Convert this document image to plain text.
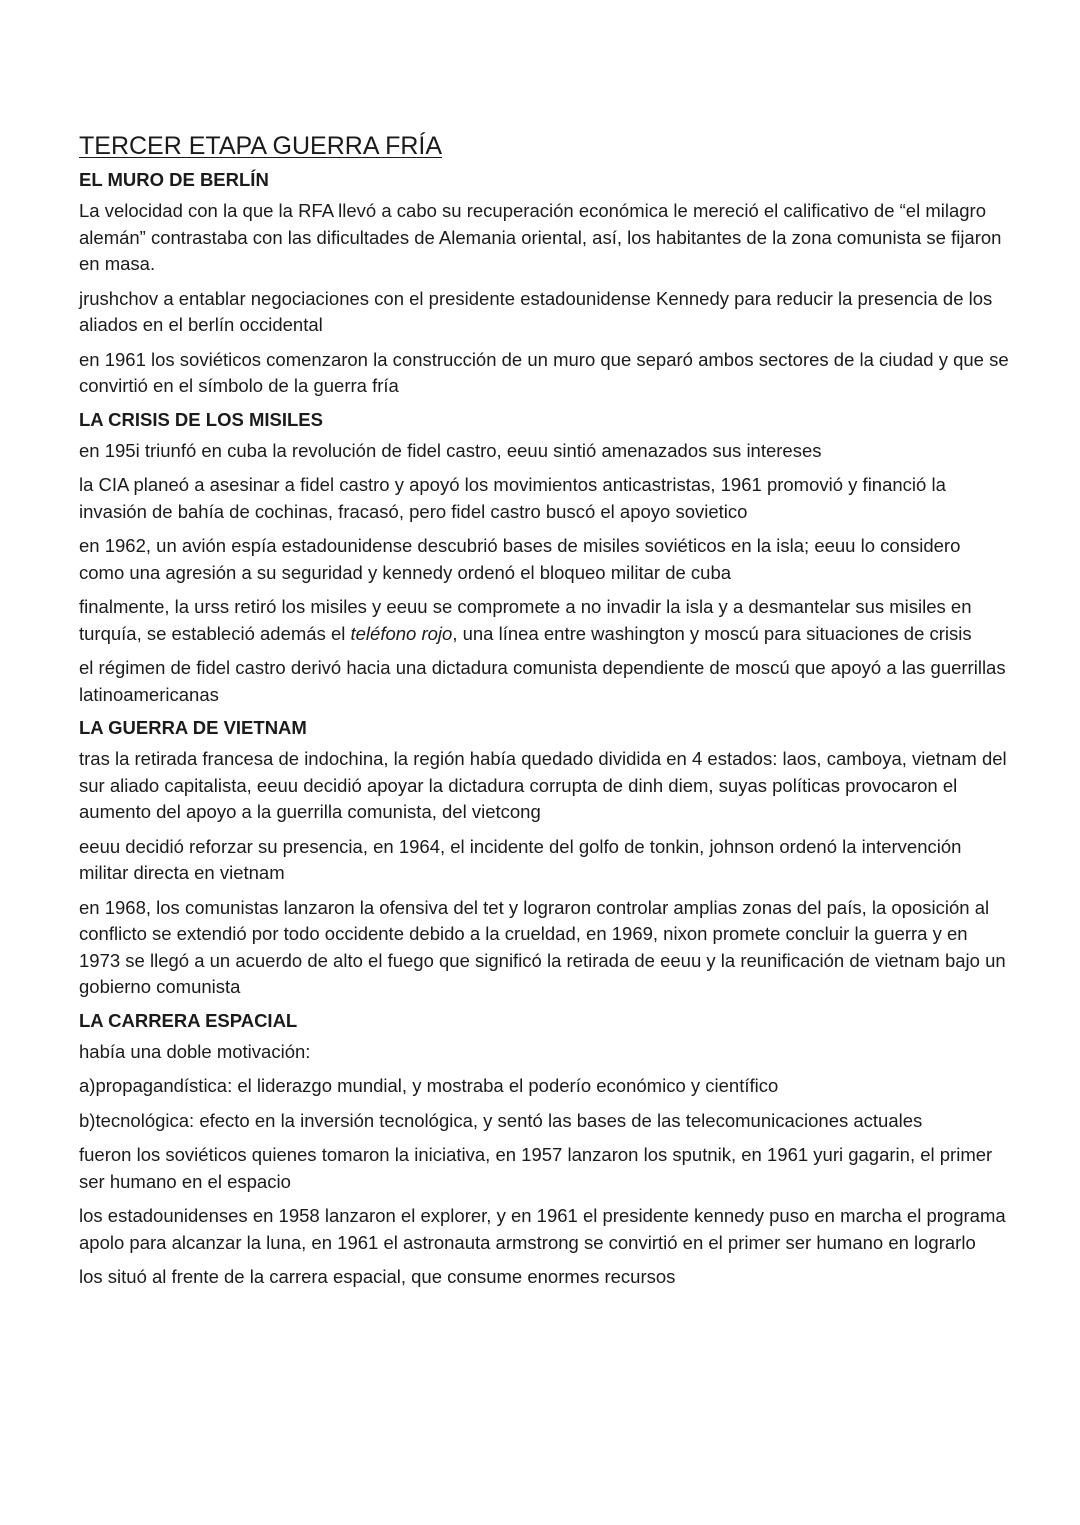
TERCER ETAPA GUERRA FRÍA
EL MURO DE BERLÍN

La velocidad con la que la RFA llevó a cabo su recuperación económica le mereció el calificativo de “el milagro alemán” contrastaba con las dificultades de Alemania oriental, así, los habitantes de la zona comunista se fijaron en masa.

jrushchov a entablar negociaciones con el presidente estadounidense Kennedy para reducir la presencia de los aliados en el berlín occidental

en 1961 los soviéticos comenzaron la construcción de un muro que separó ambos sectores de la ciudad y que se convirtió en el símbolo de la guerra fría

LA CRISIS DE LOS MISILES

en 195i triunfó en cuba la revolución de fidel castro, eeuu sintió amenazados sus intereses

la CIA planeó a asesinar a fidel castro y apoyó los movimientos anticastristas, 1961 promovió y financió la invasión de bahía de cochinas, fracasó, pero fidel castro buscó el apoyo sovietico

en 1962, un avión espía estadounidense descubrió bases de misiles soviéticos en la isla; eeuu lo considero como una agresión a su seguridad y kennedy ordenó el bloqueo militar de cuba

finalmente, la urss retiró los misiles y eeuu se compromete a no invadir la isla y a desmantelar sus misiles en turquía, se estableció además el teléfono rojo, una línea entre washington y moscú para situaciones de crisis

el régimen de fidel castro derivó hacia una dictadura comunista dependiente de moscú que apoyó a las guerrillas latinoamericanas

LA GUERRA DE VIETNAM

tras la retirada francesa de indochina, la región había quedado dividida en 4 estados: laos, camboya, vietnam del sur aliado capitalista, eeuu decidió apoyar la dictadura corrupta de dinh diem, suyas políticas provocaron el aumento del apoyo a la guerrilla comunista, del vietcong

eeuu decidió reforzar su presencia, en 1964, el incidente del golfo de tonkin, johnson ordenó la intervención militar directa en vietnam

en 1968, los comunistas lanzaron la ofensiva del tet y lograron controlar amplias zonas del país, la oposición al conflicto se extendió por todo occidente debido a la crueldad, en 1969, nixon promete concluir la guerra y en 1973 se llegó a un acuerdo de alto el fuego que significó la retirada de eeuu y la reunificación de vietnam bajo un gobierno comunista

LA CARRERA ESPACIAL

había una doble motivación:

a)propagandística: el liderazgo mundial, y mostraba el poderío económico y científico

b)tecnológica: efecto en la inversión tecnológica, y sentó las bases de las telecomunicaciones actuales

fueron los soviéticos quienes tomaron la iniciativa, en 1957 lanzaron los sputnik, en 1961 yuri gagarin, el primer ser humano en el espacio

los estadounidenses en 1958 lanzaron el explorer, y en 1961 el presidente kennedy puso en marcha el programa apolo para alcanzar la luna, en 1961 el astronauta armstrong se convirtió en el primer ser humano en lograrlo

los situó al frente de la carrera espacial, que consume enormes recursos
